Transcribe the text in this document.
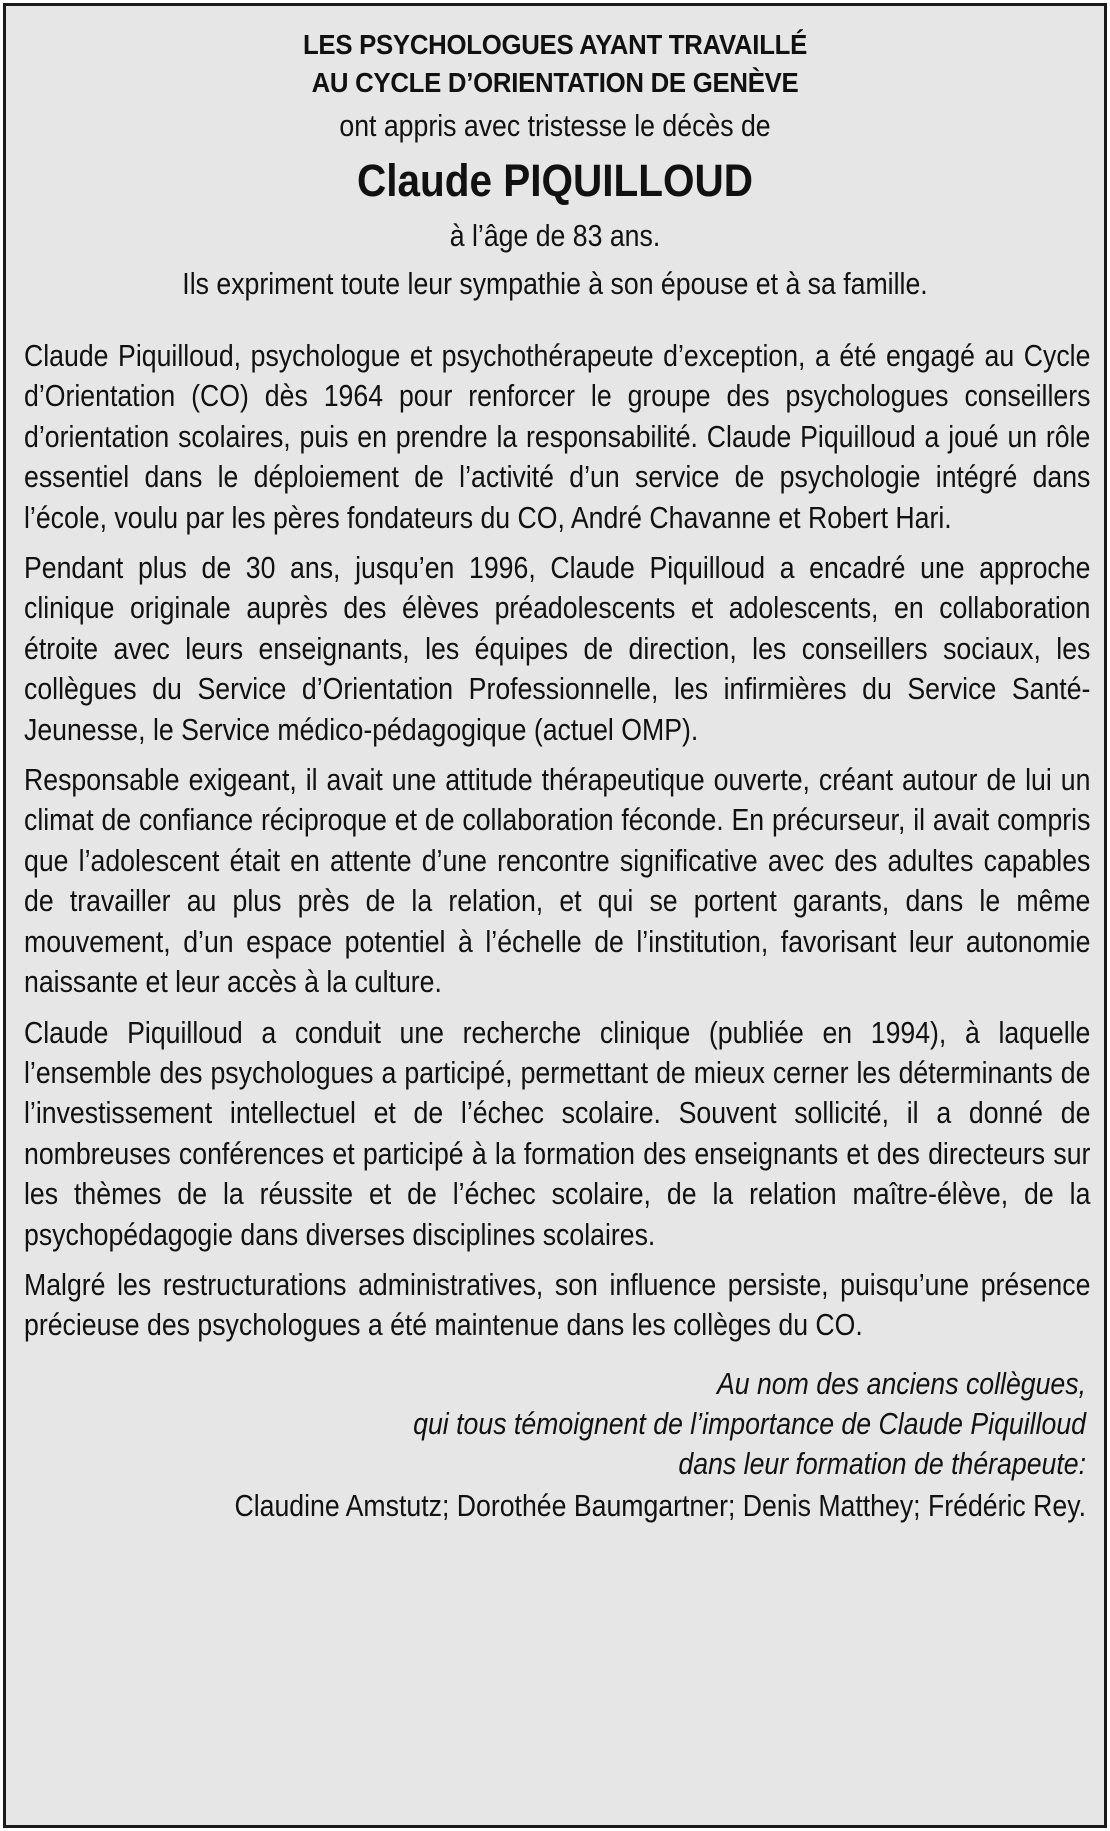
LES PSYCHOLOGUES AYANT TRAVAILLÉ
AU CYCLE D’ORIENTATION DE GENÈVE
ont appris avec tristesse le décès de
Claude PIQUILLOUD
à l’âge de 83 ans.
Ils expriment toute leur sympathie à son épouse et à sa famille.

Claude Piquilloud, psychologue et psychothérapeute d’exception, a été engagé au Cycle d’Orientation (CO) dès 1964 pour renforcer le groupe des psychologues conseillers d’orientation scolaires, puis en prendre la responsabilité. Claude Piquilloud a joué un rôle essentiel dans le déploiement de l’activité d’un service de psychologie intégré dans l’école, voulu par les pères fondateurs du CO, André Chavanne et Robert Hari.

Pendant plus de 30 ans, jusqu’en 1996, Claude Piquilloud a encadré une approche clinique originale auprès des élèves préadolescents et adolescents, en collaboration étroite avec leurs enseignants, les équipes de direction, les conseillers sociaux, les collègues du Service d’Orientation Professionnelle, les infirmières du Service Santé-Jeunesse, le Service médico-pédagogique (actuel OMP).

Responsable exigeant, il avait une attitude thérapeutique ouverte, créant autour de lui un climat de confiance réciproque et de collaboration féconde. En précurseur, il avait compris que l’adolescent était en attente d’une rencontre significative avec des adultes capables de travailler au plus près de la relation, et qui se portent garants, dans le même mouvement, d’un espace potentiel à l’échelle de l’institution, favorisant leur autonomie naissante et leur accès à la culture.

Claude Piquilloud a conduit une recherche clinique (publiée en 1994), à laquelle l’ensemble des psychologues a participé, permettant de mieux cerner les déterminants de l’investissement intellectuel et de l’échec scolaire. Souvent sollicité, il a donné de nombreuses conférences et participé à la formation des enseignants et des directeurs sur les thèmes de la réussite et de l’échec scolaire, de la relation maître-élève, de la psychopédagogie dans diverses disciplines scolaires.

Malgré les restructurations administratives, son influence persiste, puisqu’une présence précieuse des psychologues a été maintenue dans les collèges du CO.

Au nom des anciens collègues,
qui tous témoignent de l’importance de Claude Piquilloud
dans leur formation de thérapeute:
Claudine Amstutz; Dorothée Baumgartner; Denis Matthey; Frédéric Rey.
